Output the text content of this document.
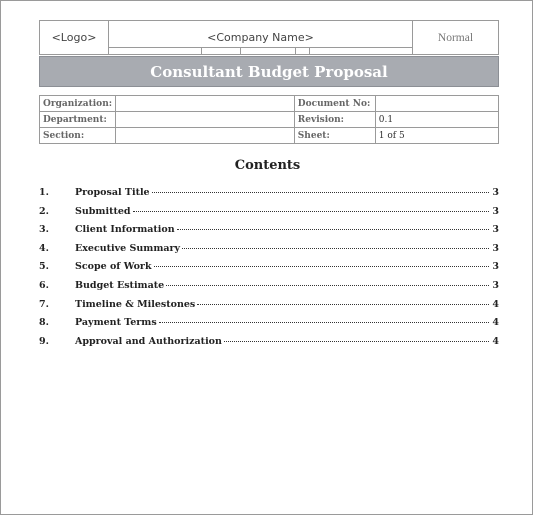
<Logo>	<Company Name>	Normal
Consultant Budget Proposal
Organization:		Document No:	
Department:		Revision:	0.1
Section:		Sheet:	1 of 5
Contents
1.	Proposal Title	3
2.	Submitted	3
3.	Client Information	3
4.	Executive Summary	3
5.	Scope of Work	3
6.	Budget Estimate	3
7.	Timeline & Milestones	4
8.	Payment Terms	4
9.	Approval and Authorization	4
